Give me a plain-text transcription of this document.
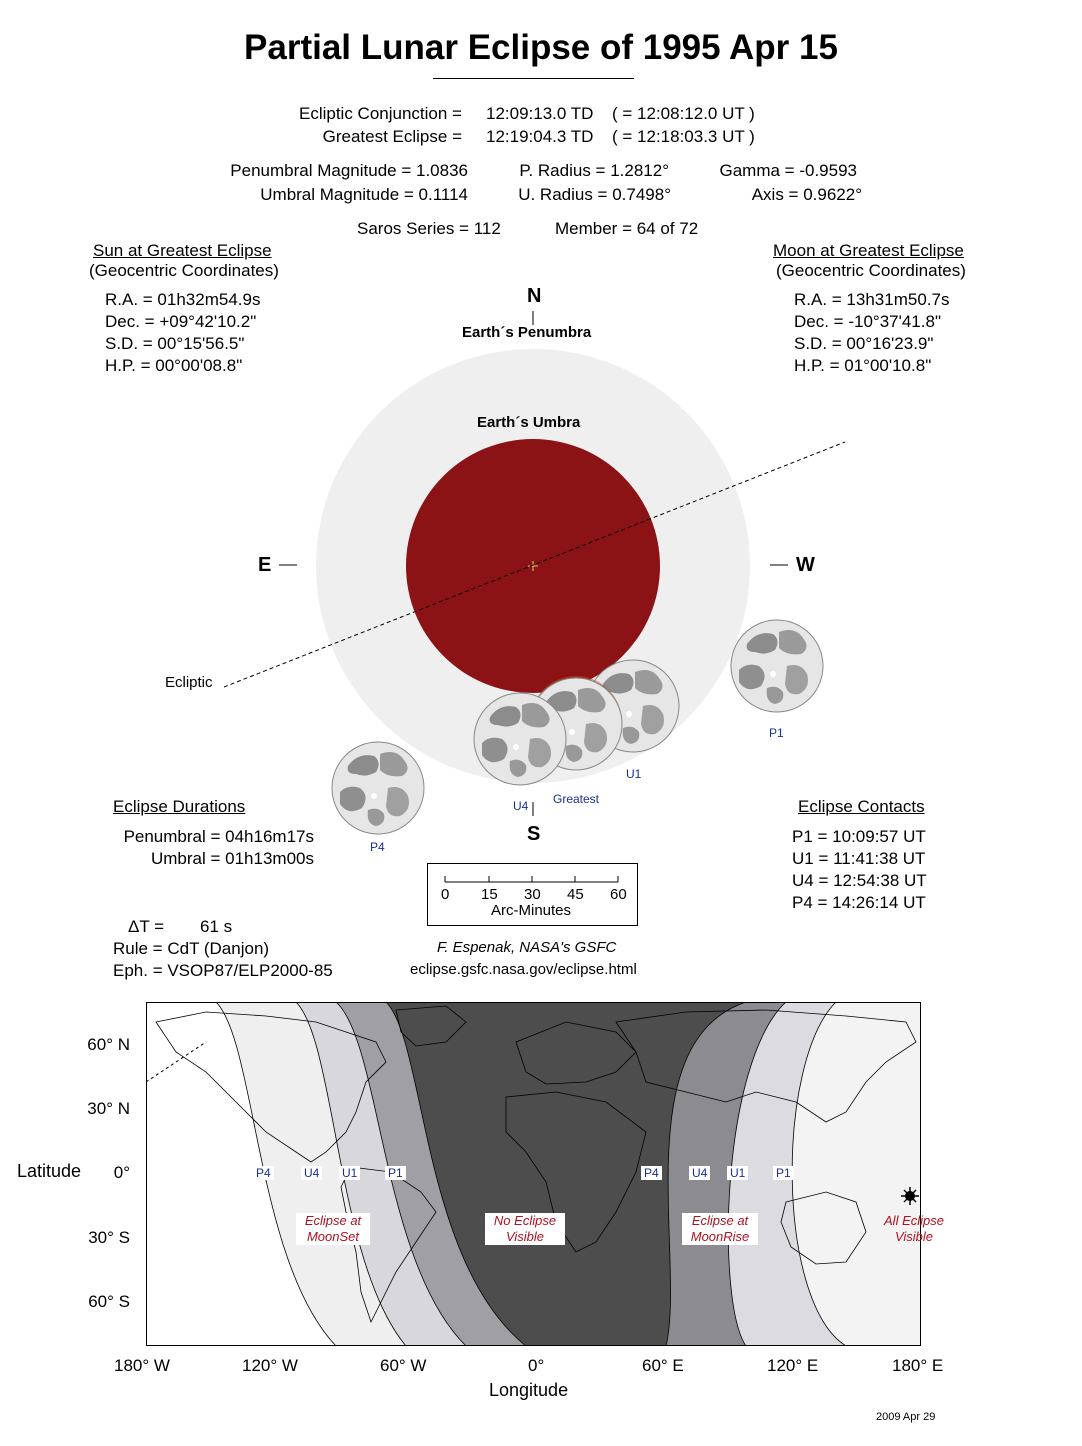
Partial Lunar Eclipse of 1995 Apr 15
Ecliptic Conjunction = 12:09:13.0 TD ( = 12:08:12.0 UT )
Greatest Eclipse = 12:19:04.3 TD ( = 12:18:03.3 UT )
Penumbral Magnitude = 1.0836
Umbral Magnitude = 0.1114
P. Radius = 1.2812°
U. Radius = 0.7498°
Gamma = -0.9593
Axis = 0.9622°
Saros Series = 112	Member = 64 of 72
Sun at Greatest Eclipse
(Geocentric Coordinates)
R.A. = 01h32m54.9s
Dec. = +09°42'10.2"
S.D. = 00°15'56.5"
H.P. = 00°00'08.8"
Moon at Greatest Eclipse
(Geocentric Coordinates)
R.A. = 13h31m50.7s
Dec. = -10°37'41.8"
S.D. = 00°16'23.9"
H.P. = 01°00'10.8"
N
S
E	W
Earth´s Penumbra
Earth´s Umbra
Ecliptic
P1
U1
Greatest
U4
P4
Eclipse Durations
Penumbral = 04h16m17s
Umbral = 01h13m00s
Eclipse Contacts
P1 = 10:09:57 UT
U1 = 11:41:38 UT
U4 = 12:54:38 UT
P4 = 14:26:14 UT
0 15 30 45 60
Arc-Minutes
ΔT = 61 s
Rule = CdT (Danjon)
Eph. = VSOP87/ELP2000-85
F. Espenak, NASA's GSFC
eclipse.gsfc.nasa.gov/eclipse.html
P4	U4 U1	P1	P4	U4 U1	P1
Eclipse at
MoonSet
No Eclipse
Visible
Eclipse at
MoonRise
All Eclipse
Visible
Latitude
60° N
30° N
0°
30° S
60° S
180° W	120° W	60° W	0°	60° E	120° E	180° E
Longitude
2009 Apr 29
